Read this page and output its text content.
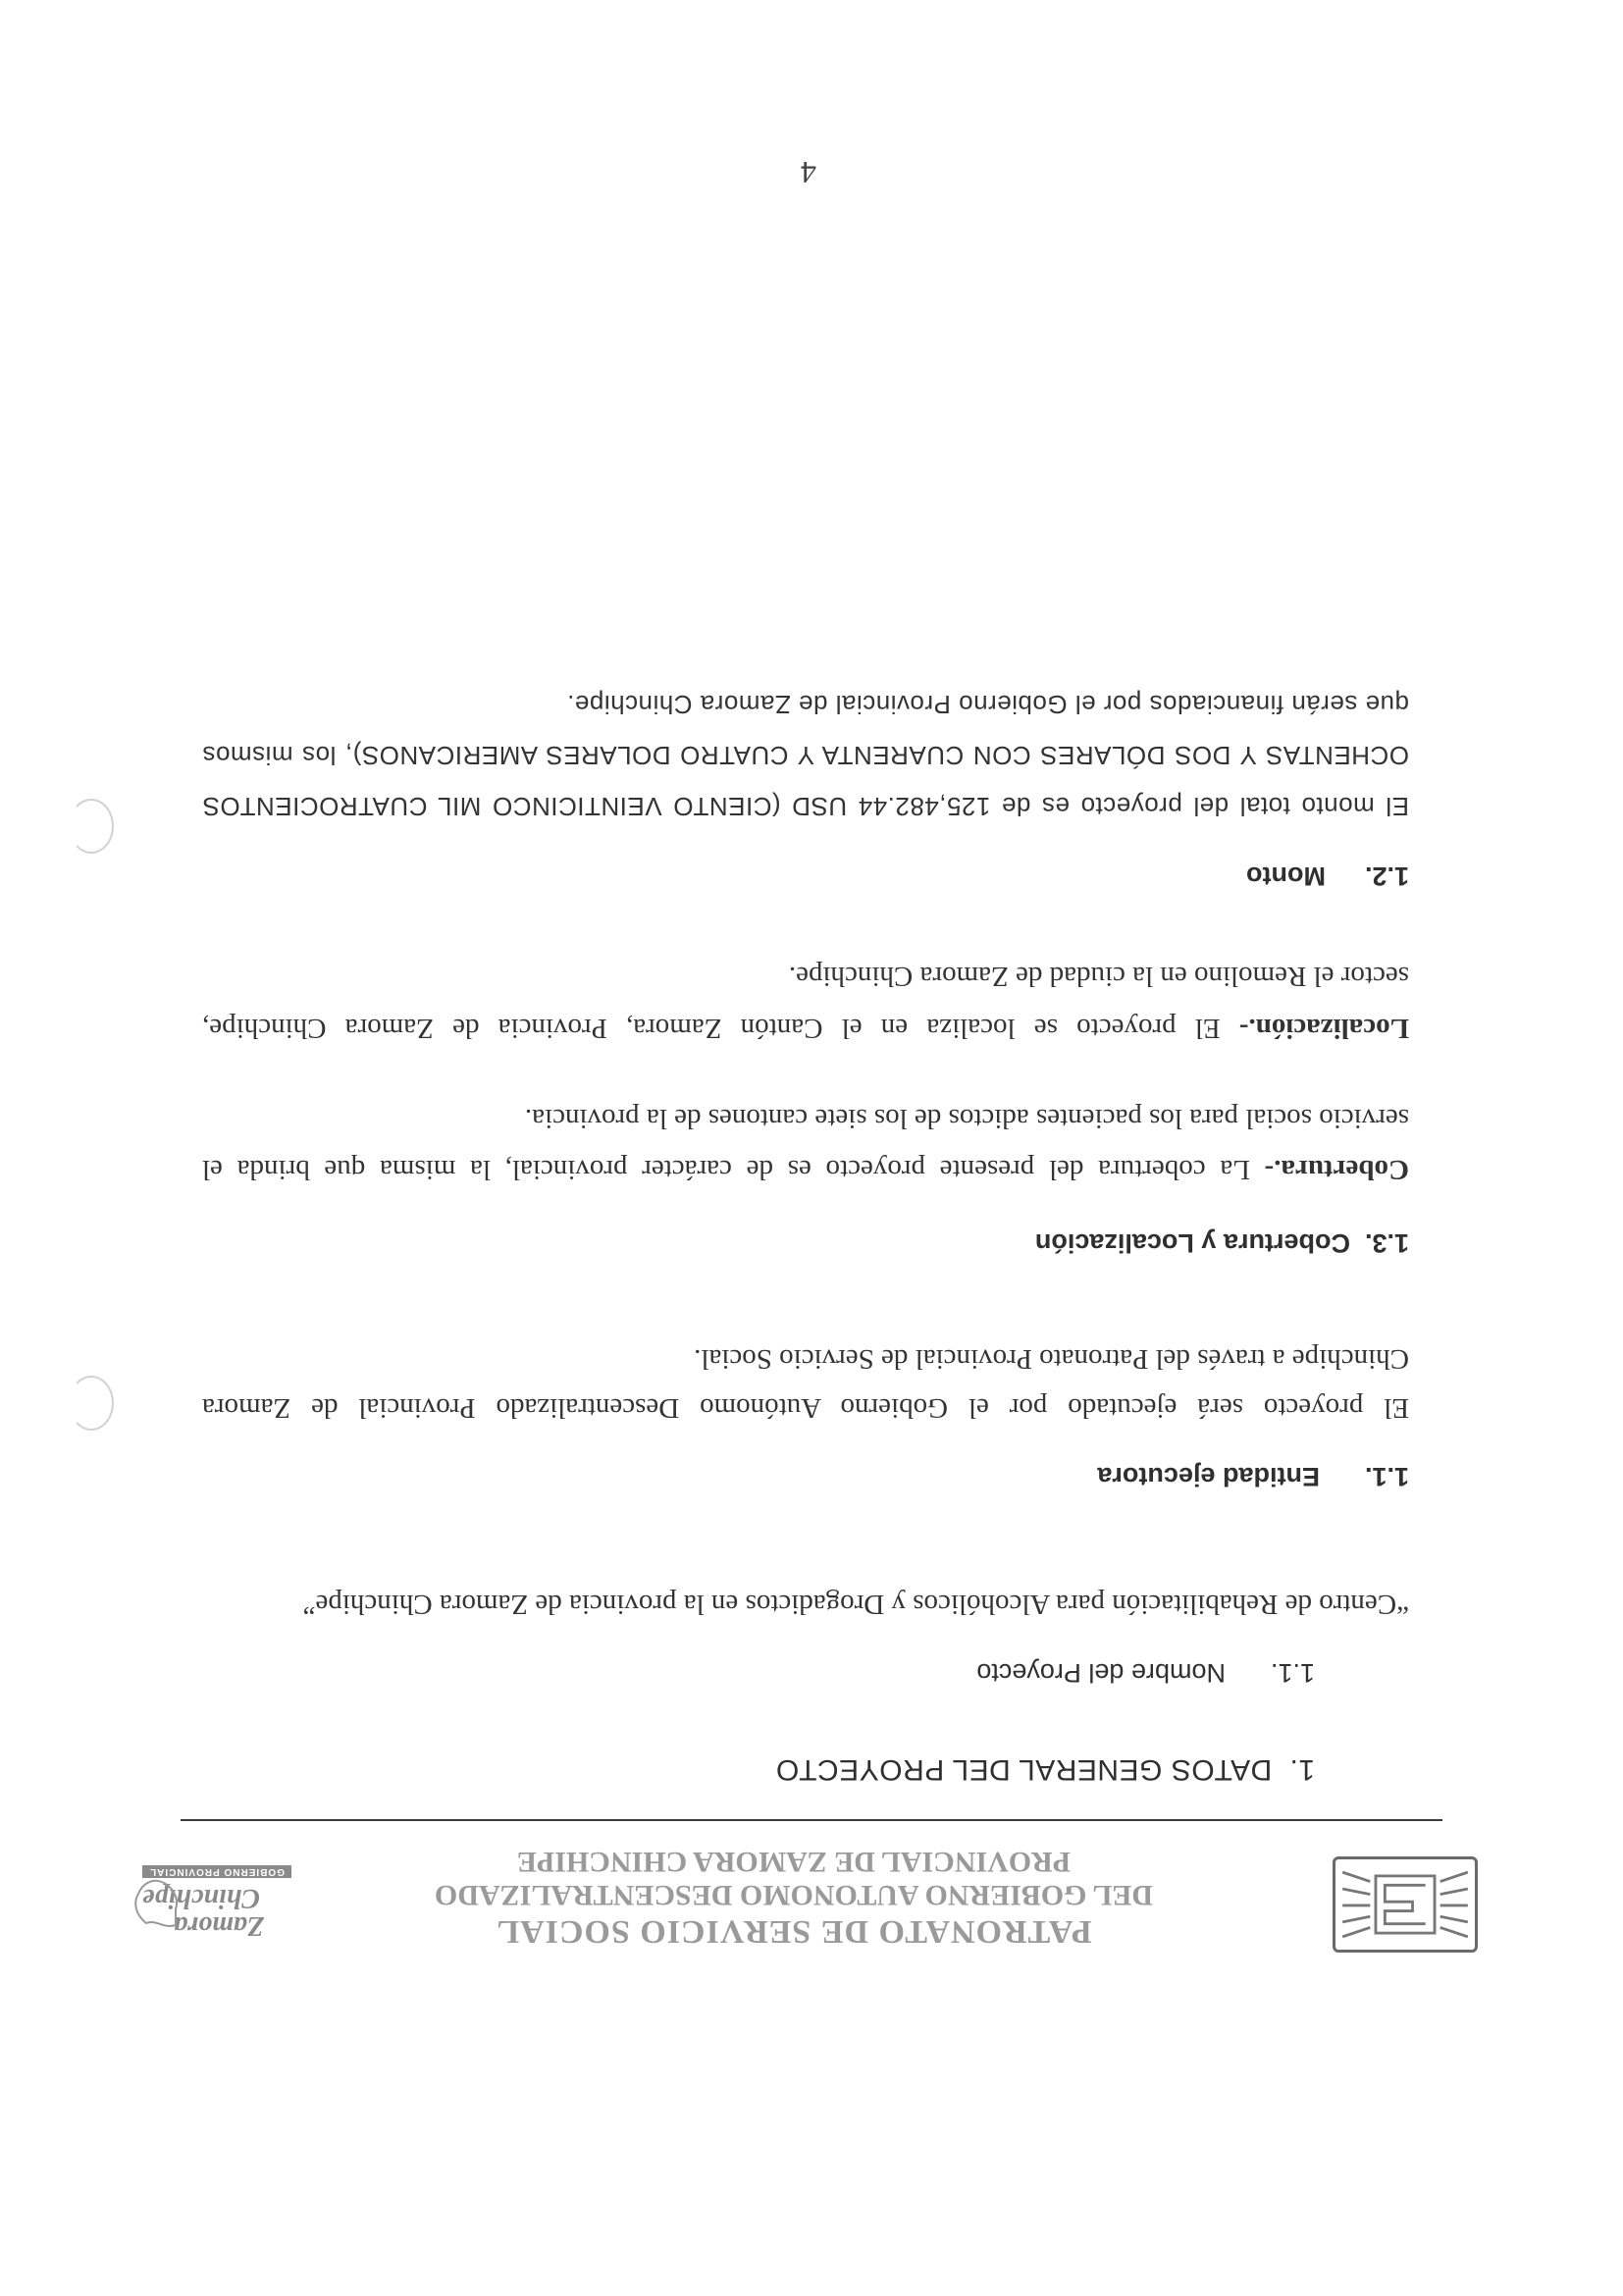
PATRONATO DE SERVICIO SOCIAL
DEL GOBIERNO AUTONOMO DESCENTRALIZADO
PROVINCIAL DE ZAMORA CHINCHIPE
Zamora
Chinchipe
GOBIERNO PROVINCIAL
1.  DATOS GENERAL DEL PROYECTO
1.1.Nombre del Proyecto
“Centro de Rehabilitación para Alcohólicos y Drogadictos en la provincia de Zamora Chinchipe”
1.1.Entidad ejecutora
El proyecto será ejecutado por el Gobierno Autónomo Descentralizado Provincial de Zamora
Chinchipe a través del Patronato Provincial de Servicio Social.
1.3.  Cobertura y Localización
Cobertura.- La cobertura del presente proyecto es de carácter provincial, la misma que brinda el
servicio social para los pacientes adictos de los siete cantones de la provincia.
Localización.- El proyecto se localiza en el Cantón Zamora, Provincia de Zamora Chinchipe,
sector el Remolino en la ciudad de Zamora Chinchipe.
1.2.Monto
El monto total del proyecto es de 125,482.44 USD (CIENTO VEINTICINCO MIL CUATROCIENTOS
OCHENTAS Y DOS DÓLARES CON CUARENTA Y CUATRO DOLARES AMERICANOS), los mismos
que serán financiados por el Gobierno Provincial de Zamora Chinchipe.
4
